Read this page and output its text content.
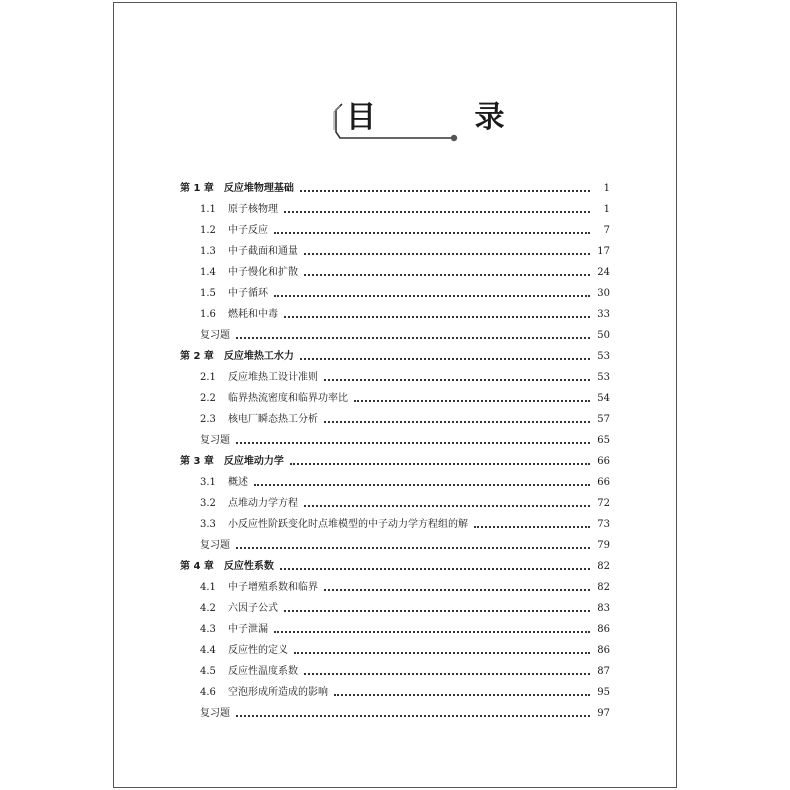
目 录
第 1 章 反应堆物理基础	1
1.1	原子核物理	1
1.2	中子反应	7
1.3	中子截面和通量	17
1.4	中子慢化和扩散	24
1.5	中子循环	30
1.6	燃耗和中毒	33
复习题	50
第 2 章 反应堆热工水力	53
2.1	反应堆热工设计准则	53
2.2	临界热流密度和临界功率比	54
2.3	核电厂瞬态热工分析	57
复习题	65
第 3 章 反应堆动力学	66
3.1	概述	66
3.2	点堆动力学方程	72
3.3	小反应性阶跃变化时点堆模型的中子动力学方程组的解	73
复习题	79
第 4 章 反应性系数	82
4.1	中子增殖系数和临界	82
4.2	六因子公式	83
4.3	中子泄漏	86
4.4	反应性的定义	86
4.5	反应性温度系数	87
4.6	空泡形成所造成的影响	95
复习题	97
